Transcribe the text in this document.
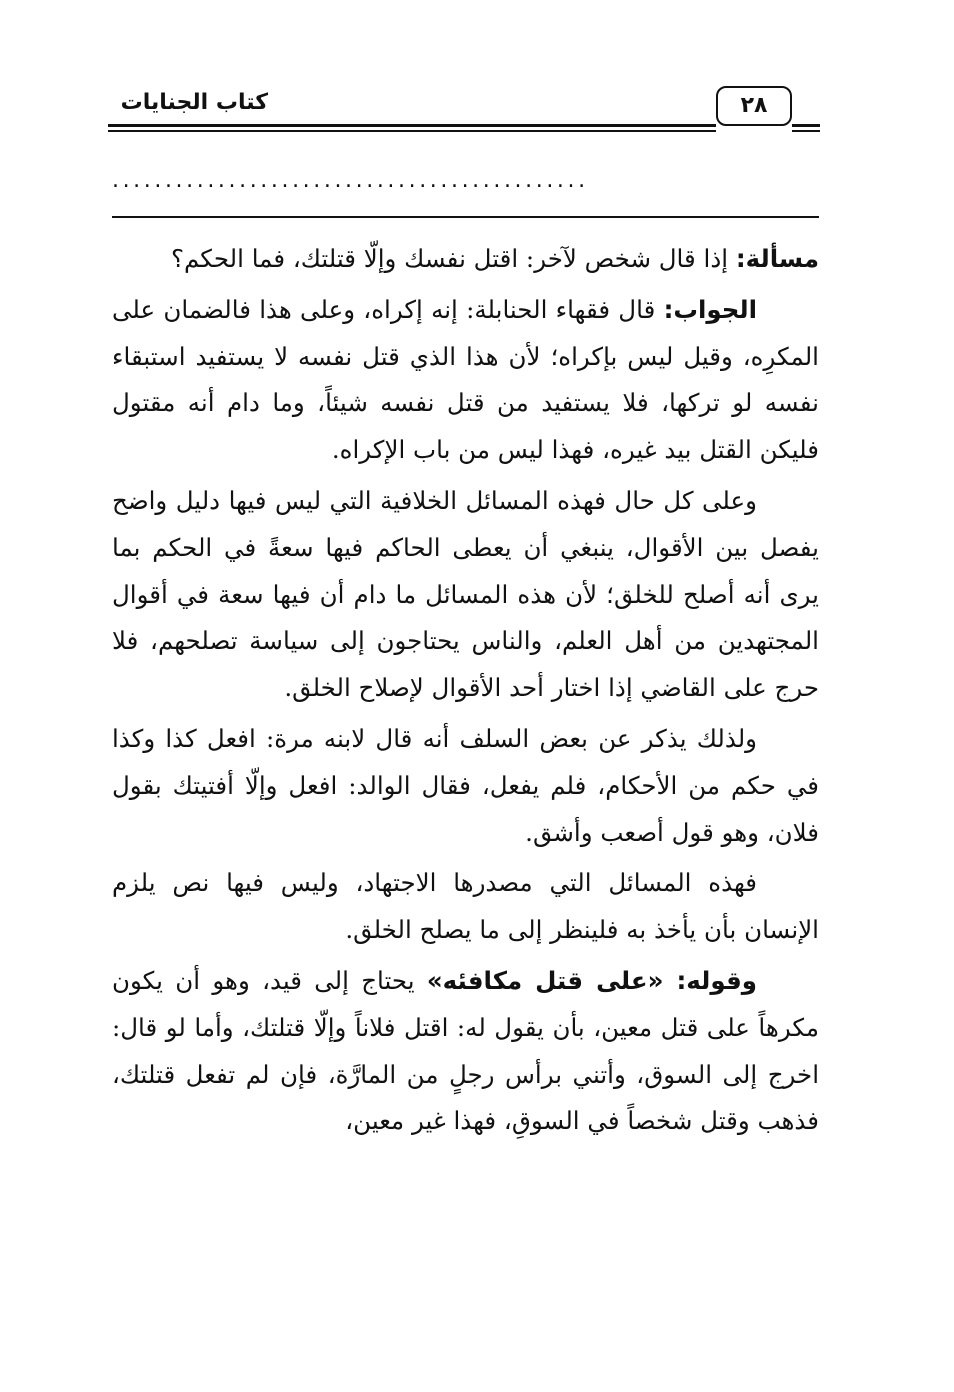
كتاب الجنايات	٢٨
.............................................

مسألة: إذا قال شخص لآخر: اقتل نفسك وإلّا قتلتك، فما الحكم؟

الجواب: قال فقهاء الحنابلة: إنه إكراه، وعلى هذا فالضمان على المكرِه، وقيل ليس بإكراه؛ لأن هذا الذي قتل نفسه لا يستفيد استبقاء نفسه لو تركها، فلا يستفيد من قتل نفسه شيئاً، وما دام أنه مقتول فليكن القتل بيد غيره، فهذا ليس من باب الإكراه.

وعلى كل حال فهذه المسائل الخلافية التي ليس فيها دليل واضح يفصل بين الأقوال، ينبغي أن يعطى الحاكم فيها سعةً في الحكم بما يرى أنه أصلح للخلق؛ لأن هذه المسائل ما دام أن فيها سعة في أقوال المجتهدين من أهل العلم، والناس يحتاجون إلى سياسة تصلحهم، فلا حرج على القاضي إذا اختار أحد الأقوال لإصلاح الخلق.

ولذلك يذكر عن بعض السلف أنه قال لابنه مرة: افعل كذا وكذا في حكم من الأحكام، فلم يفعل، فقال الوالد: افعل وإلّا أفتيتك بقول فلان، وهو قول أصعب وأشق.

فهذه المسائل التي مصدرها الاجتهاد، وليس فيها نص يلزم الإنسان بأن يأخذ به فلينظر إلى ما يصلح الخلق.

وقوله: «على قتل مكافئه» يحتاج إلى قيد، وهو أن يكون مكرهاً على قتل معين، بأن يقول له: اقتل فلاناً وإلّا قتلتك، وأما لو قال: اخرج إلى السوق، وأتني برأس رجلٍ من المارَّة، فإن لم تفعل قتلتك، فذهب وقتل شخصاً في السوقِ، فهذا غير معين،
